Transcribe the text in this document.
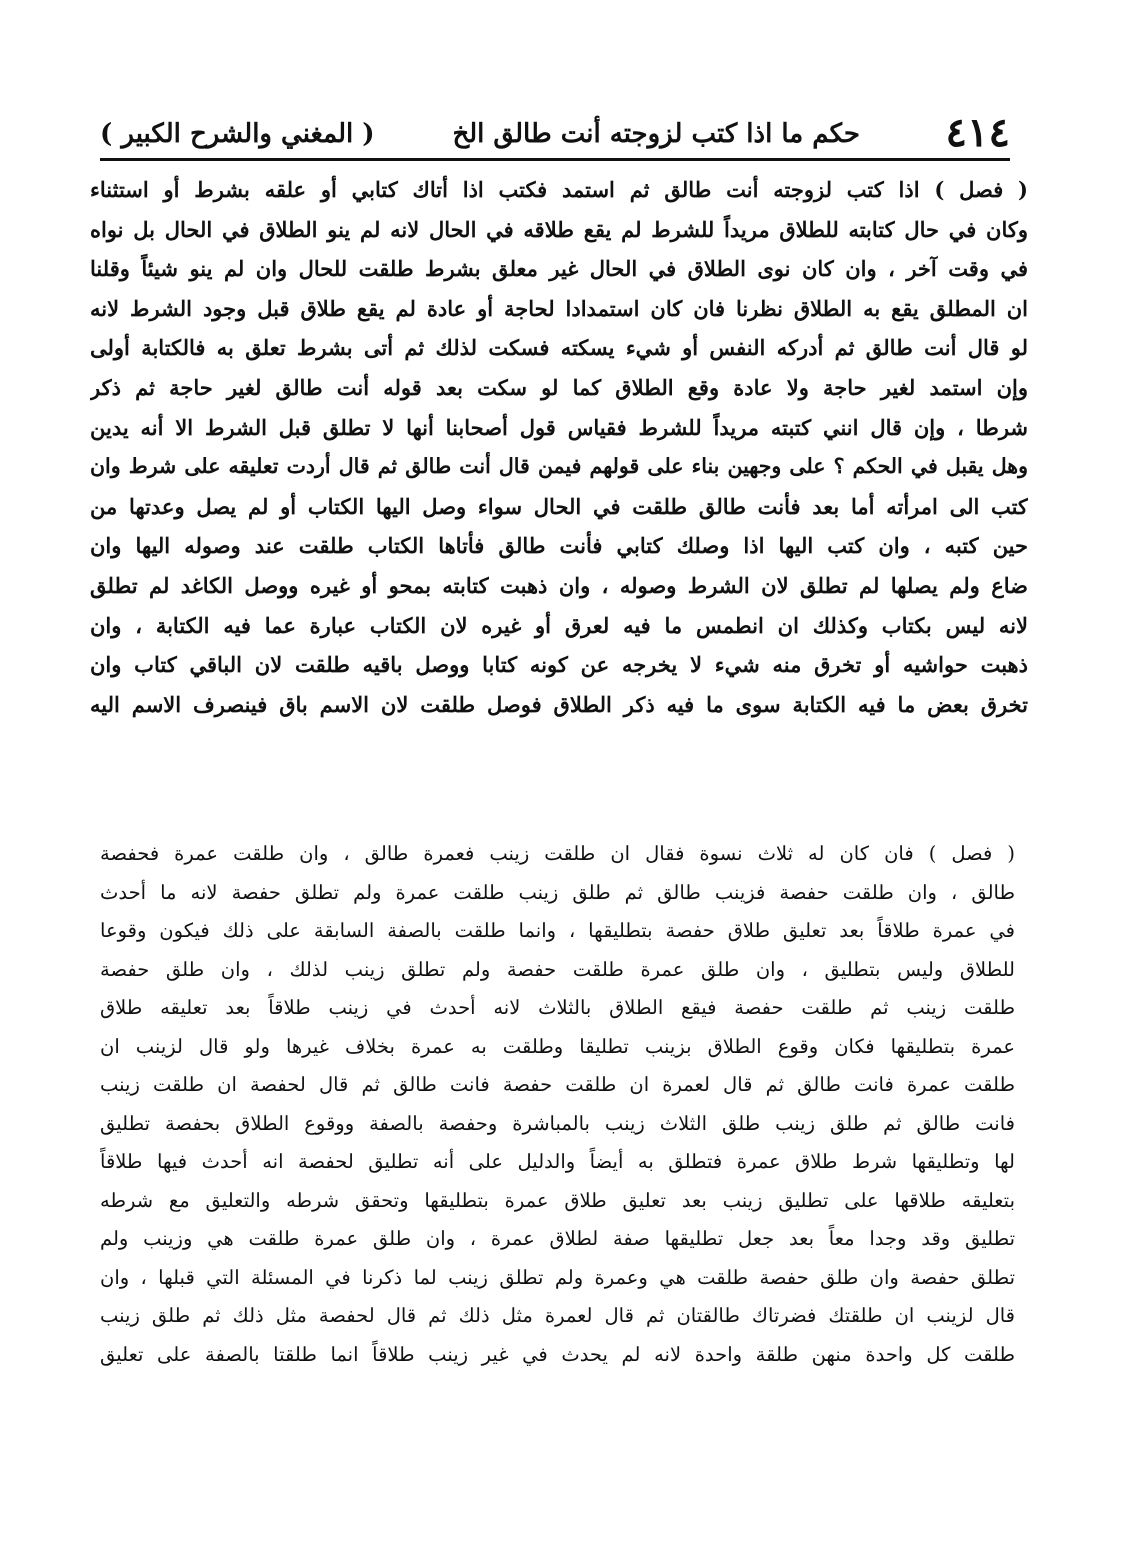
٤١٤
حكم ما اذا كتب لزوجته أنت طالق الخ
( المغني والشرح الكبير )
( فصل ) اذا كتب لزوجته أنت طالق ثم استمد فكتب اذا أتاك كتابي أو علقه بشرط أو استثناء
وكان في حال كتابته للطلاق مريداً للشرط لم يقع طلاقه في الحال لانه لم ينو الطلاق في الحال بل نواه
في وقت آخر ، وان كان نوى الطلاق في الحال غير معلق بشرط طلقت للحال وان لم ينو شيئاً وقلنا
ان المطلق يقع به الطلاق نظرنا فان كان استمدادا لحاجة أو عادة لم يقع طلاق قبل وجود الشرط لانه
لو قال أنت طالق ثم أدركه النفس أو شيء يسكته فسكت لذلك ثم أتى بشرط تعلق به فالكتابة أولى
وإن استمد لغير حاجة ولا عادة وقع الطلاق كما لو سكت بعد قوله أنت طالق لغير حاجة ثم ذكر
شرطا ، وإن قال انني كتبته مريداً للشرط فقياس قول أصحابنا أنها لا تطلق قبل الشرط الا أنه يدين
وهل يقبل في الحكم ؟ على وجهين بناء على قولهم فيمن قال أنت طالق ثم قال أردت تعليقه على شرط وان
كتب الى امرأته أما بعد فأنت طالق طلقت في الحال سواء وصل اليها الكتاب أو لم يصل وعدتها من
حين كتبه ، وان كتب اليها اذا وصلك كتابي فأنت طالق فأتاها الكتاب طلقت عند وصوله اليها وان
ضاع ولم يصلها لم تطلق لان الشرط وصوله ، وان ذهبت كتابته بمحو أو غيره ووصل الكاغد لم تطلق
لانه ليس بكتاب وكذلك ان انطمس ما فيه لعرق أو غيره لان الكتاب عبارة عما فيه الكتابة ، وان
ذهبت حواشيه أو تخرق منه شيء لا يخرجه عن كونه كتابا ووصل باقيه طلقت لان الباقي كتاب وان
تخرق بعض ما فيه الكتابة سوى ما فيه ذكر الطلاق فوصل طلقت لان الاسم باق فينصرف الاسم اليه
( فصل ) فان كان له ثلاث نسوة فقال ان طلقت زينب فعمرة طالق ، وان طلقت عمرة فحفصة
طالق ، وان طلقت حفصة فزينب طالق ثم طلق زينب طلقت عمرة ولم تطلق حفصة لانه ما أحدث
في عمرة طلاقاً بعد تعليق طلاق حفصة بتطليقها ، وانما طلقت بالصفة السابقة على ذلك فيكون وقوعا
للطلاق وليس بتطليق ، وان طلق عمرة طلقت حفصة ولم تطلق زينب لذلك ، وان طلق حفصة
طلقت زينب ثم طلقت حفصة فيقع الطلاق بالثلاث لانه أحدث في زينب طلاقاً بعد تعليقه طلاق
عمرة بتطليقها فكان وقوع الطلاق بزينب تطليقا وطلقت به عمرة بخلاف غيرها ولو قال لزينب ان
طلقت عمرة فانت طالق ثم قال لعمرة ان طلقت حفصة فانت طالق ثم قال لحفصة ان طلقت زينب
فانت طالق ثم طلق زينب طلق الثلاث زينب بالمباشرة وحفصة بالصفة ووقوع الطلاق بحفصة تطليق
لها وتطليقها شرط طلاق عمرة فتطلق به أيضاً والدليل على أنه تطليق لحفصة انه أحدث فيها طلاقاً
بتعليقه طلاقها على تطليق زينب بعد تعليق طلاق عمرة بتطليقها وتحقق شرطه والتعليق مع شرطه
تطليق وقد وجدا معاً بعد جعل تطليقها صفة لطلاق عمرة ، وان طلق عمرة طلقت هي وزينب ولم
تطلق حفصة وان طلق حفصة طلقت هي وعمرة ولم تطلق زينب لما ذكرنا في المسئلة التي قبلها ، وان
قال لزينب ان طلقتك فضرتاك طالقتان ثم قال لعمرة مثل ذلك ثم قال لحفصة مثل ذلك ثم طلق زينب
طلقت كل واحدة منهن طلقة واحدة لانه لم يحدث في غير زينب طلاقاً انما طلقتا بالصفة على تعليق
